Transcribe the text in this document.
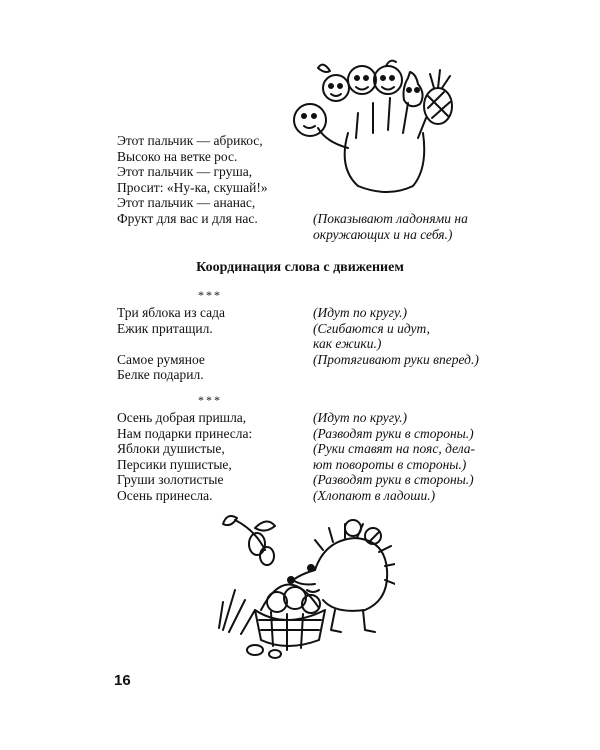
Этот пальчик — абрикос,
Высоко на ветке рос.
Этот пальчик — груша,
Просит: «Ну-ка, скушай!»
Этот пальчик — ананас,
Фрукт для вас и для нас.	(Показывают ладонями на
окружающих и на себя.)
Координация слова с движением
***
Три яблока из сада
Ежик притащил.
Самое румяное
Белке подарил.
(Идут по кругу.)
(Сгибаются и идут,
как ежики.)
(Протягивают руки вперед.)
***
Осень добрая пришла,
Нам подарки принесла:
Яблоки душистые,
Персики пушистые,
Груши золотистые
Осень принесла.
(Идут по кругу.)
(Разводят руки в стороны.)
(Руки ставят на пояс, дела-
ют повороты в стороны.)
(Разводят руки в стороны.)
(Хлопают в ладоши.)
16
